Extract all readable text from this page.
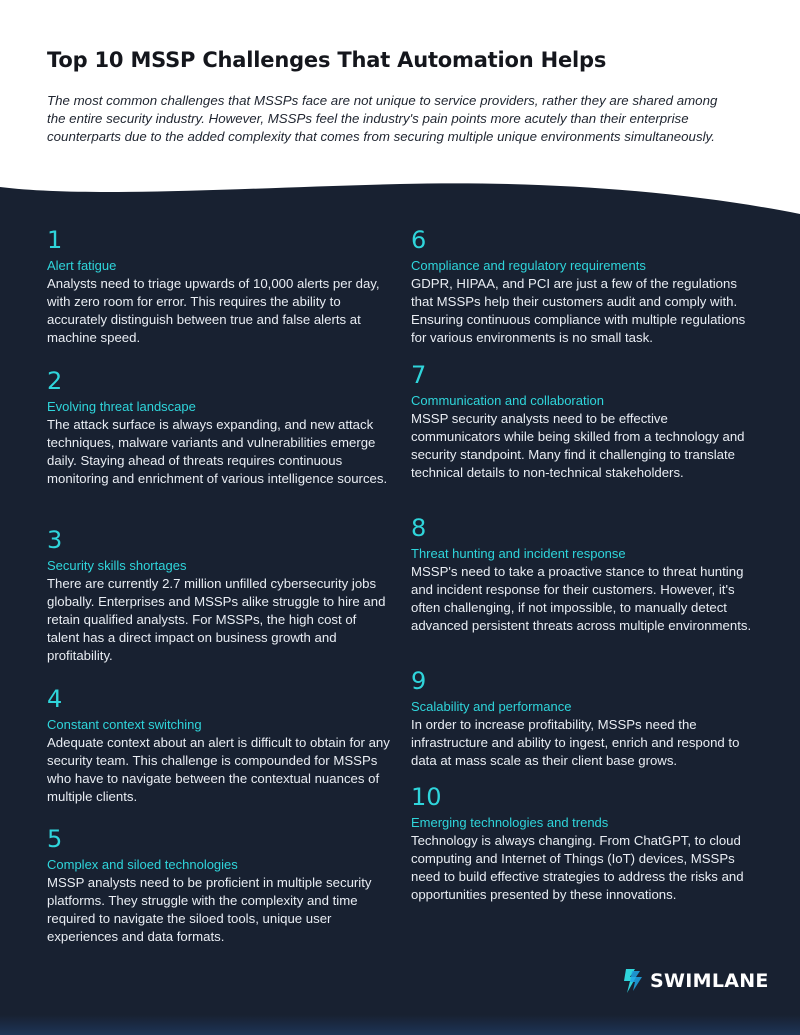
Top 10 MSSP Challenges That Automation Helps

The most common challenges that MSSPs face are not unique to service providers, rather they are shared among the entire security industry. However, MSSPs feel the industry's pain points more acutely than their enterprise counterparts due to the added complexity that comes from securing multiple unique environments simultaneously.

1
Alert fatigue
Analysts need to triage upwards of 10,000 alerts per day, with zero room for error. This requires the ability to accurately distinguish between true and false alerts at machine speed.
2
Evolving threat landscape
The attack surface is always expanding, and new attack techniques, malware variants and vulnerabilities emerge daily. Staying ahead of threats requires continuous monitoring and enrichment of various intelligence sources.
3
Security skills shortages
There are currently 2.7 million unfilled cybersecurity jobs globally. Enterprises and MSSPs alike struggle to hire and retain qualified analysts. For MSSPs, the high cost of talent has a direct impact on business growth and profitability.
4
Constant context switching
Adequate context about an alert is difficult to obtain for any security team. This challenge is compounded for MSSPs who have to navigate between the contextual nuances of multiple clients.
5
Complex and siloed technologies
MSSP analysts need to be proficient in multiple security platforms. They struggle with the complexity and time required to navigate the siloed tools, unique user experiences and data formats.
6
Compliance and regulatory requirements
GDPR, HIPAA, and PCI are just a few of the regulations that MSSPs help their customers audit and comply with. Ensuring continuous compliance with multiple regulations for various environments is no small task.
7
Communication and collaboration
MSSP security analysts need to be effective communicators while being skilled from a technology and security standpoint. Many find it challenging to translate technical details to non-technical stakeholders.
8
Threat hunting and incident response
MSSP's need to take a proactive stance to threat hunting and incident response for their customers. However, it's often challenging, if not impossible, to manually detect advanced persistent threats across multiple environments.
9
Scalability and performance
In order to increase profitability, MSSPs need the infrastructure and ability to ingest, enrich and respond to data at mass scale as their client base grows.
10
Emerging technologies and trends
Technology is always changing. From ChatGPT, to cloud computing and Internet of Things (IoT) devices, MSSPs need to build effective strategies to address the risks and opportunities presented by these innovations.
SWIMLANE
